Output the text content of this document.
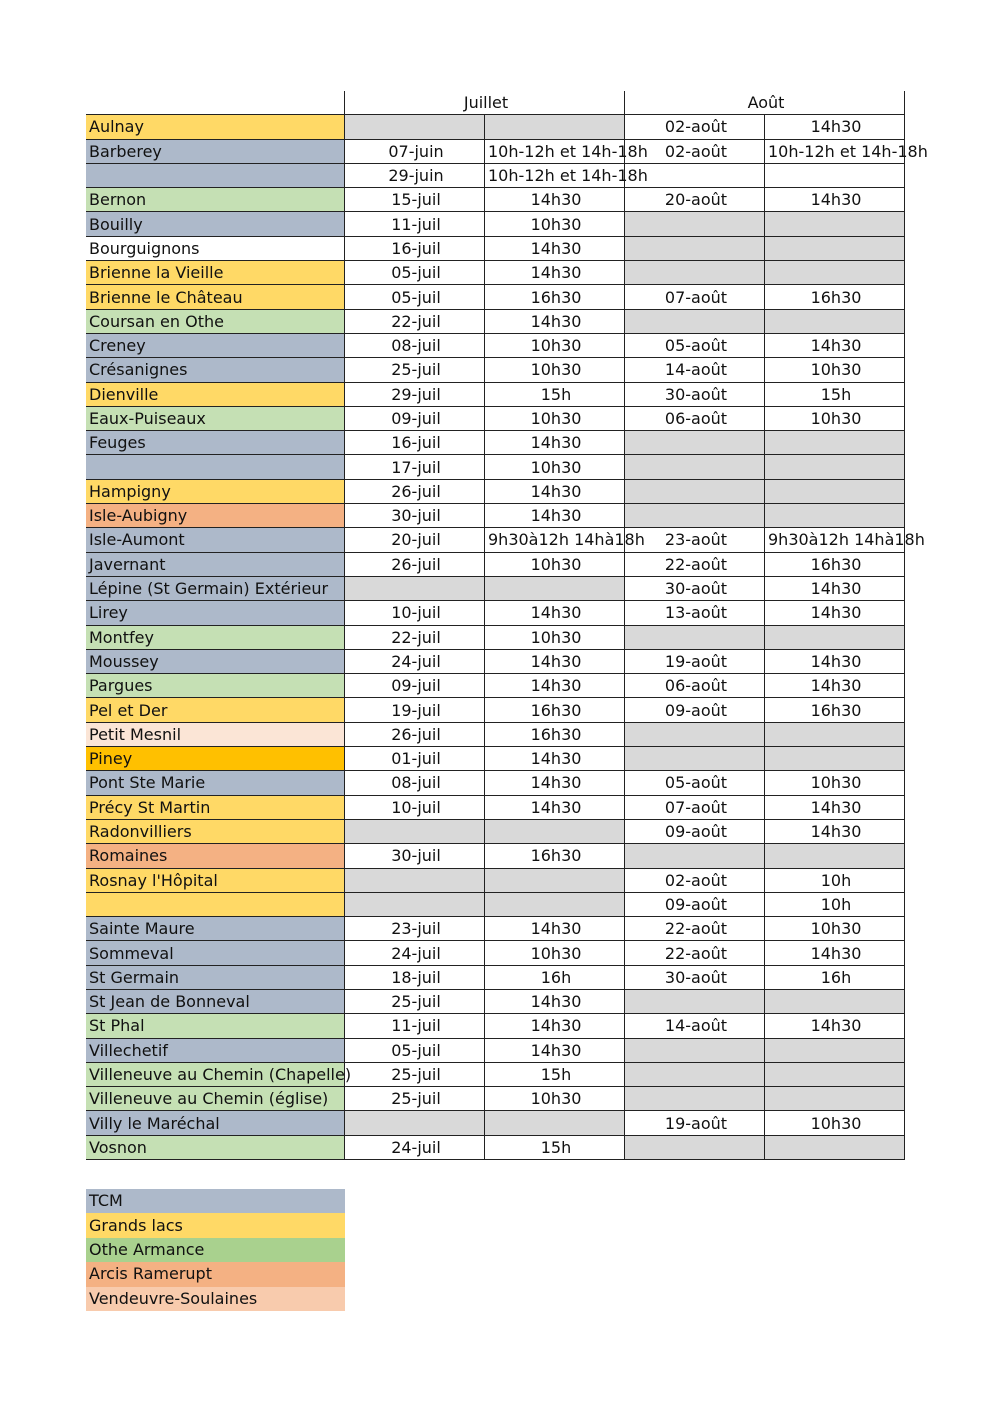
	Juillet		Août	
Aulnay			02-août	14h30
Barberey	07-juin	10h-12h et 14h-18h	02-août	10h-12h et 14h-18h
	29-juin	10h-12h et 14h-18h		
Bernon	15-juil	14h30	20-août	14h30
Bouilly	11-juil	10h30		
Bourguignons	16-juil	14h30		
Brienne la Vieille	05-juil	14h30		
Brienne le Château	05-juil	16h30	07-août	16h30
Coursan en Othe	22-juil	14h30		
Creney	08-juil	10h30	05-août	14h30
Crésanignes	25-juil	10h30	14-août	10h30
Dienville	29-juil	15h	30-août	15h
Eaux-Puiseaux	09-juil	10h30	06-août	10h30
Feuges	16-juil	14h30		
	17-juil	10h30		
Hampigny	26-juil	14h30		
Isle-Aubigny	30-juil	14h30		
Isle-Aumont	20-juil	9h30à12h 14hà18h	23-août	9h30à12h 14hà18h
Javernant	26-juil	10h30	22-août	16h30
Lépine (St Germain) Extérieur			30-août	14h30
Lirey	10-juil	14h30	13-août	14h30
Montfey	22-juil	10h30		
Moussey	24-juil	14h30	19-août	14h30
Pargues	09-juil	14h30	06-août	14h30
Pel et Der	19-juil	16h30	09-août	16h30
Petit Mesnil	26-juil	16h30		
Piney	01-juil	14h30		
Pont Ste Marie	08-juil	14h30	05-août	10h30
Précy St Martin	10-juil	14h30	07-août	14h30
Radonvilliers			09-août	14h30
Romaines	30-juil	16h30		
Rosnay l'Hôpital			02-août	10h
			09-août	10h
Sainte Maure	23-juil	14h30	22-août	10h30
Sommeval	24-juil	10h30	22-août	14h30
St Germain	18-juil	16h	30-août	16h
St Jean de Bonneval	25-juil	14h30		
St Phal	11-juil	14h30	14-août	14h30
Villechetif	05-juil	14h30		
Villeneuve au Chemin (Chapelle)	25-juil	15h		
Villeneuve au Chemin (église)	25-juil	10h30		
Villy le Maréchal			19-août	10h30
Vosnon	24-juil	15h		
TCM
Grands lacs
Othe Armance
Arcis Ramerupt
Vendeuvre-Soulaines
